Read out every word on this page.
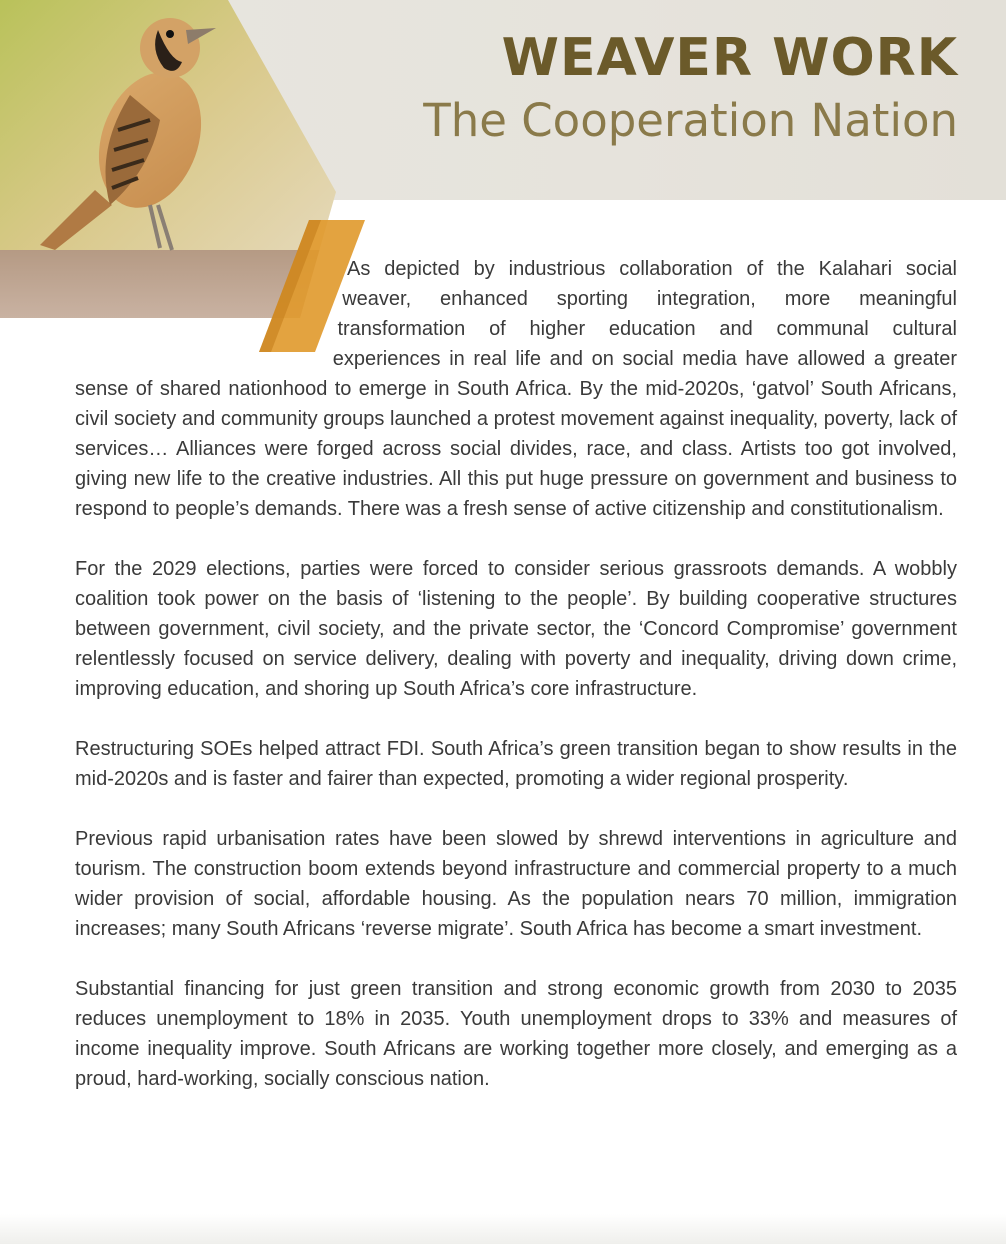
WEAVER WORK
The Cooperation Nation

As depicted by industrious collaboration of the Kalahari social weaver, enhanced sporting integration, more meaningful transformation of higher education and communal cultural experiences in real life and on social media have allowed a greater sense of shared nationhood to emerge in South Africa. By the mid-2020s, ‘gatvol’ South Africans, civil society and community groups launched a protest movement against inequality, poverty, lack of services… Alliances were forged across social divides, race, and class. Artists too got involved, giving new life to the creative industries. All this put huge pressure on government and business to respond to people’s demands. There was a fresh sense of active citizenship and constitutionalism.

For the 2029 elections, parties were forced to consider serious grassroots demands. A wobbly coalition took power on the basis of ‘listening to the people’. By building cooperative structures between government, civil society, and the private sector, the ‘Concord Compromise’ government relentlessly focused on service delivery, dealing with poverty and inequality, driving down crime, improving education, and shoring up South Africa’s core infrastructure.

Restructuring SOEs helped attract FDI. South Africa’s green transition began to show results in the mid-2020s and is faster and fairer than expected, promoting a wider regional prosperity.

Previous rapid urbanisation rates have been slowed by shrewd interventions in agriculture and tourism. The construction boom extends beyond infrastructure and commercial property to a much wider provision of social, affordable housing. As the population nears 70 million, immigration increases; many South Africans ‘reverse migrate’. South Africa has become a smart investment.

Substantial financing for just green transition and strong economic growth from 2030 to 2035 reduces unemployment to 18% in 2035. Youth unemployment drops to 33% and measures of income inequality improve. South Africans are working together more closely, and emerging as a proud, hard-working, socially conscious nation.
